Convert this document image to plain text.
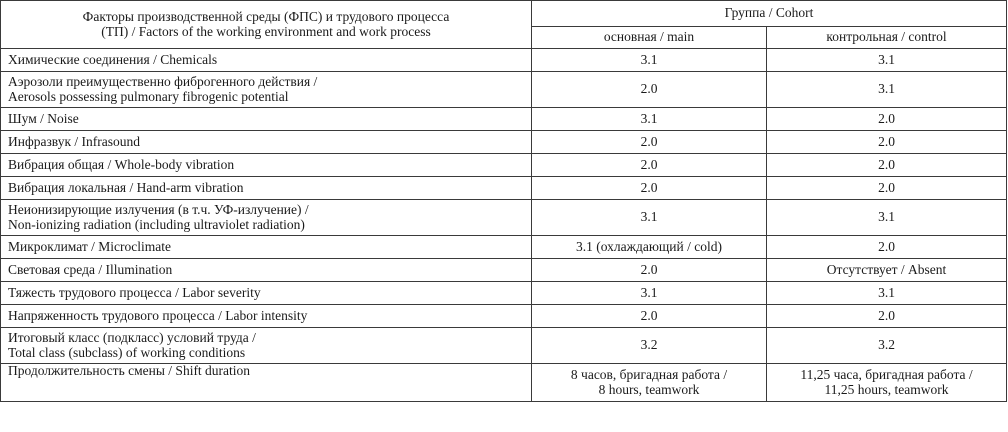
Факторы производственной среды (ФПС) и трудового процесса
(ТП) / Factors of the working environment and work process	Группа / Cohort	
	основная / main	контрольная / control

Химические соединения / Chemicals	3.1	3.1

Аэрозоли преимущественно фиброгенного действия /
Aerosols possessing pulmonary fibrogenic potential	2.0	3.1

Шум / Noise	3.1	2.0

Инфразвук / Infrasound	2.0	2.0

Вибрация общая / Whole-body vibration	2.0	2.0

Вибрация локальная / Hand-arm vibration	2.0	2.0

Неионизирующие излучения (в т.ч. УФ-излучение) /
Non-ionizing radiation (including ultraviolet radiation)	3.1	3.1

Микроклимат / Microclimate	3.1 (охлаждающий / cold)	2.0

Световая среда / Illumination	2.0	Отсутствует / Absent

Тяжесть трудового процесса / Labor severity	3.1	3.1

Напряженность трудового процесса / Labor intensity	2.0	2.0

Итоговый класс (подкласс) условий труда /
Total class (subclass) of working conditions	3.2	3.2

Продолжительность смены / Shift duration	8 часов, бригадная работа /
8 hours, teamwork	11,25 часа, бригадная работа /
11,25 hours, teamwork
